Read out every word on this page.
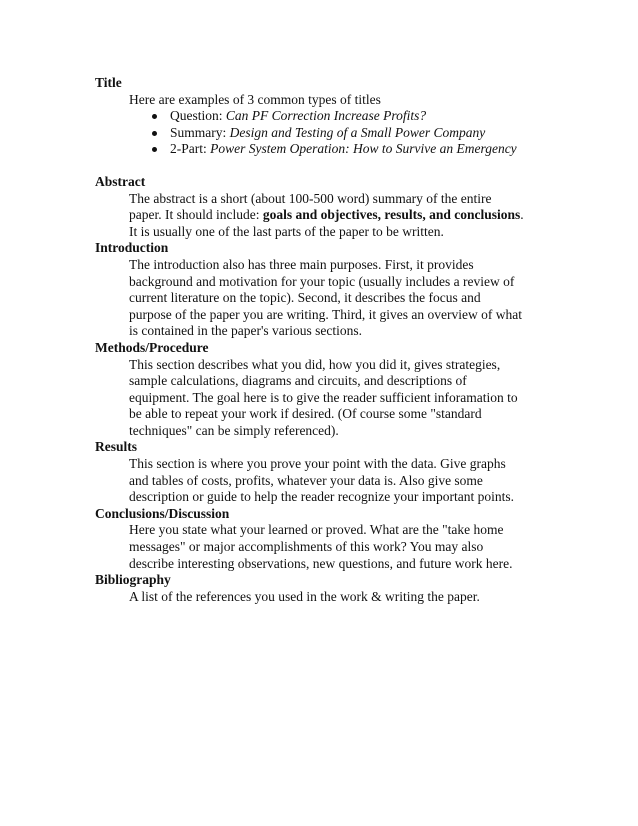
Title
Here are examples of 3 common types of titles
Question: Can PF Correction Increase Profits?
Summary: Design and Testing of a Small Power Company
2-Part: Power System Operation: How to Survive an Emergency
Abstract
The abstract is a short (about 100-500 word) summary of the entire
paper. It should include: goals and objectives, results, and conclusions.
It is usually one of the last parts of the paper to be written.
Introduction
The introduction also has three main purposes. First, it provides
background and motivation for your topic (usually includes a review of
current literature on the topic). Second, it describes the focus and
purpose of the paper you are writing. Third, it gives an overview of what
is contained in the paper's various sections.
Methods/Procedure
This section describes what you did, how you did it, gives strategies,
sample calculations, diagrams and circuits, and descriptions of
equipment. The goal here is to give the reader sufficient inforamation to
be able to repeat your work if desired. (Of course some "standard
techniques" can be simply referenced).
Results
This section is where you prove your point with the data. Give graphs
and tables of costs, profits, whatever your data is. Also give some
description or guide to help the reader recognize your important points.
Conclusions/Discussion
Here you state what your learned or proved. What are the "take home
messages" or major accomplishments of this work? You may also
describe interesting observations, new questions, and future work here.
Bibliography
A list of the references you used in the work & writing the paper.
